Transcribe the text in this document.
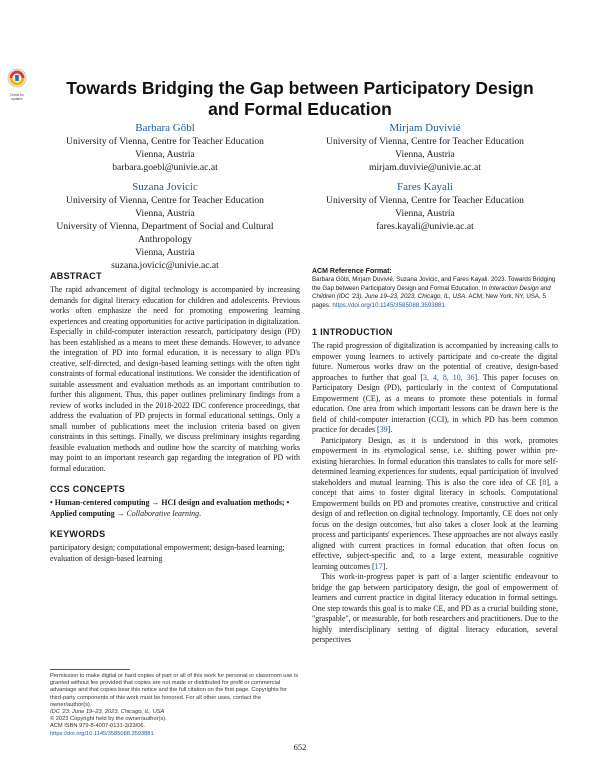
Check for updates
Towards Bridging the Gap between Participatory Design and Formal Education
Barbara Göbl
University of Vienna, Centre for Teacher Education
Vienna, Austria
barbara.goebl@univie.ac.at
Mirjam Duvivié
University of Vienna, Centre for Teacher Education
Vienna, Austria
mirjam.duvivie@univie.ac.at
Suzana Jovicic
University of Vienna, Centre for Teacher Education
Vienna, Austria
University of Vienna, Department of Social and Cultural
Anthropology
Vienna, Austria
suzana.jovicic@univie.ac.at
Fares Kayali
University of Vienna, Centre for Teacher Education
Vienna, Austria
fares.kayali@univie.ac.at
ABSTRACT

The rapid advancement of digital technology is accompanied by increasing demands for digital literacy education for children and adolescents. Previous works often emphasize the need for promoting empowering learning experiences and creating opportunities for active participation in digitalization. Especially in child-computer interaction research, participatory design (PD) has been established as a means to meet these demands. However, to advance the integration of PD into formal education, it is necessary to align PD's creative, self-directed, and design-based learning settings with the often tight constraints of formal educational institutions. We consider the identification of suitable assessment and evaluation methods as an important contribution to further this alignment. Thus, this paper outlines preliminary findings from a review of works included in the 2018-2022 IDC conference proceedings, that address the evaluation of PD projects in formal educational settings. Only a small number of publications meet the inclusion criteria based on given constraints in this settings. Finally, we discuss preliminary insights regarding feasible evaluation methods and outline how the scarcity of matching works may point to an important research gap regarding the integration of PD with formal education.

CCS CONCEPTS

• Human-centered computing → HCI design and evaluation methods; • Applied computing → Collaborative learning.

KEYWORDS

participatory design; computational empowerment; design-based learning; evaluation of design-based learning

Permission to make digital or hard copies of part or all of this work for personal or classroom use is granted without fee provided that copies are not made or distributed for profit or commercial advantage and that copies bear this notice and the full citation on the first page. Copyrights for third-party components of this work must be honored. For all other uses, contact the owner/author(s).
IDC '23, June 19–23, 2023, Chicago, IL, USA
© 2023 Copyright held by the owner/author(s).
ACM ISBN 979-8-4007-0131-3/23/06.
https://doi.org/10.1145/3585088.3593881
ACM Reference Format:

Barbara Göbl, Mirjam Duvivié, Suzana Jovicic, and Fares Kayali. 2023. Towards Bridging the Gap between Participatory Design and Formal Education. In Interaction Design and Children (IDC '23), June 19–23, 2023, Chicago, IL, USA. ACM, New York, NY, USA, 5 pages. https://doi.org/10.1145/3585088.3593881

1 INTRODUCTION

The rapid progression of digitalization is accompanied by increasing calls to empower young learners to actively participate and co-create the digital future. Numerous works draw on the potential of creative, design-based approaches to further that goal [3, 4, 8, 10, 36]. This paper focuses on Participatory Design (PD), particularly in the context of Computational Empowerment (CE), as a means to promote these potentials in formal education. One area from which important lessons can be drawn here is the field of child-computer interaction (CCI), in which PD has been common practice for decades [39].

Participatory Design, as it is understood in this work, promotes empowerment in its etymological sense, i.e. shifting power within pre-existing hierarchies. In formal education this translates to calls for more self-determined learning experiences for students, equal participation of involved stakeholders and mutual learning. This is also the core idea of CE [8], a concept that aims to foster digital literacy in schools. Computational Empowerment builds on PD and promotes creative, constructive and critical design of and reflection on digital technology. Importantly, CE does not only focus on the design outcomes, but also takes a closer look at the learning process and participants' experiences. These approaches are not always easily aligned with current practices in formal education that often focus on effective, subject-specific and, to a large extent, measurable cognitive learning outcomes [17].

This work-in-progress paper is part of a larger scientific endeavour to bridge the gap between participatory design, the goal of empowerment of learners and current practice in digital literacy education in formal settings. One step towards this goal is to make CE, and PD as a crucial building stone, "graspable", or measurable, for both researchers and practitioners. Due to the highly interdisciplinary setting of digital literacy education, several perspectives

652
